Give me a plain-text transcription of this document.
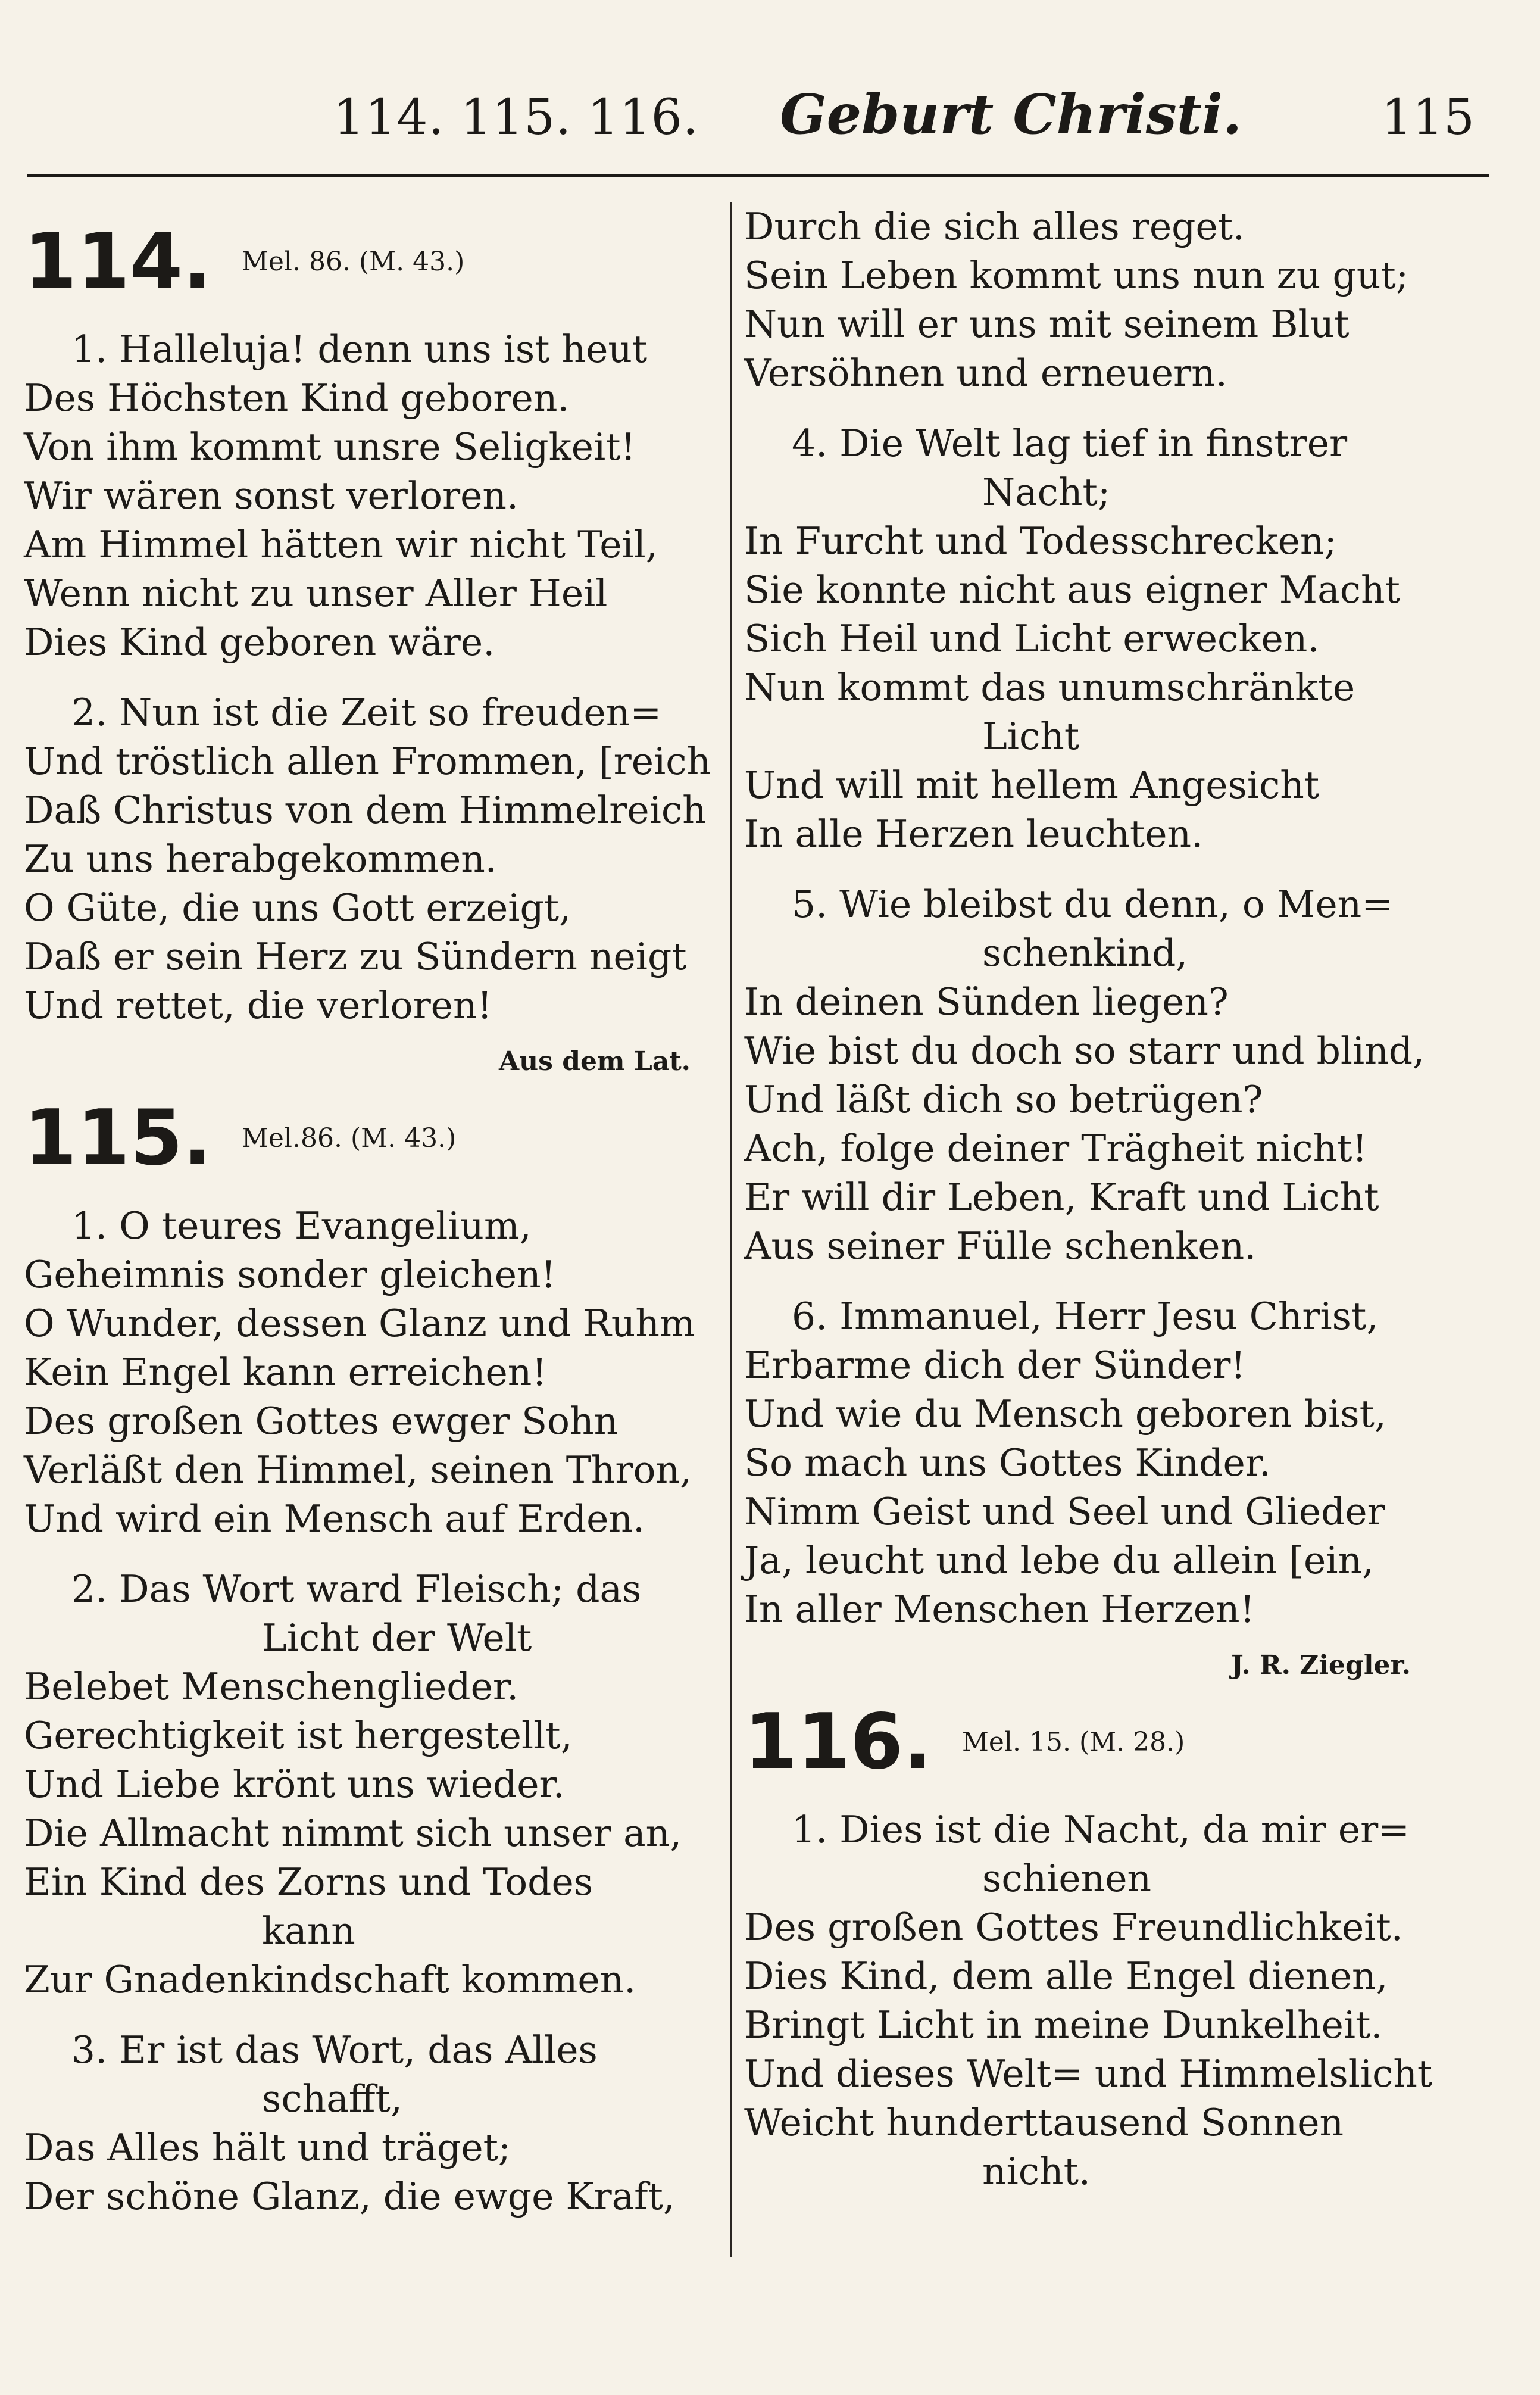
114. 115. 116. Geburt Christi.	115
114. Mel. 86. (M. 43.)
1. Halleluja! denn uns ist heut
Des Höchsten Kind geboren.
Von ihm kommt unsre Seligkeit!
Wir wären sonst verloren.
Am Himmel hätten wir nicht Teil,
Wenn nicht zu unser Aller Heil
Dies Kind geboren wäre.
2. Nun ist die Zeit so freuden=
Und tröstlich allen Frommen, [reich
Daß Christus von dem Himmelreich
Zu uns herabgekommen.
O Güte, die uns Gott erzeigt,
Daß er sein Herz zu Sündern neigt
Und rettet, die verloren!
Aus dem Lat.
115. Mel.86. (M. 43.)
1. O teures Evangelium,
Geheimnis sonder gleichen!
O Wunder, dessen Glanz und Ruhm
Kein Engel kann erreichen!
Des großen Gottes ewger Sohn
Verläßt den Himmel, seinen Thron,
Und wird ein Mensch auf Erden.
2. Das Wort ward Fleisch; das
Licht der Welt
Belebet Menschenglieder.
Gerechtigkeit ist hergestellt,
Und Liebe krönt uns wieder.
Die Allmacht nimmt sich unser an,
Ein Kind des Zorns und Todes
kann
Zur Gnadenkindschaft kommen.
3. Er ist das Wort, das Alles
schafft,
Das Alles hält und träget;
Der schöne Glanz, die ewge Kraft,
Durch die sich alles reget.
Sein Leben kommt uns nun zu gut;
Nun will er uns mit seinem Blut
Versöhnen und erneuern.
4. Die Welt lag tief in finstrer
Nacht;
In Furcht und Todesschrecken;
Sie konnte nicht aus eigner Macht
Sich Heil und Licht erwecken.
Nun kommt das unumschränkte
Licht
Und will mit hellem Angesicht
In alle Herzen leuchten.
5. Wie bleibst du denn, o Men=
schenkind,
In deinen Sünden liegen?
Wie bist du doch so starr und blind,
Und läßt dich so betrügen?
Ach, folge deiner Trägheit nicht!
Er will dir Leben, Kraft und Licht
Aus seiner Fülle schenken.
6. Immanuel, Herr Jesu Christ,
Erbarme dich der Sünder!
Und wie du Mensch geboren bist,
So mach uns Gottes Kinder.
Nimm Geist und Seel und Glieder
Ja, leucht und lebe du allein [ein,
In aller Menschen Herzen!
J. R. Ziegler.
116. Mel. 15. (M. 28.)
1. Dies ist die Nacht, da mir er=
schienen
Des großen Gottes Freundlichkeit.
Dies Kind, dem alle Engel dienen,
Bringt Licht in meine Dunkelheit.
Und dieses Welt= und Himmelslicht
Weicht hunderttausend Sonnen
nicht.
